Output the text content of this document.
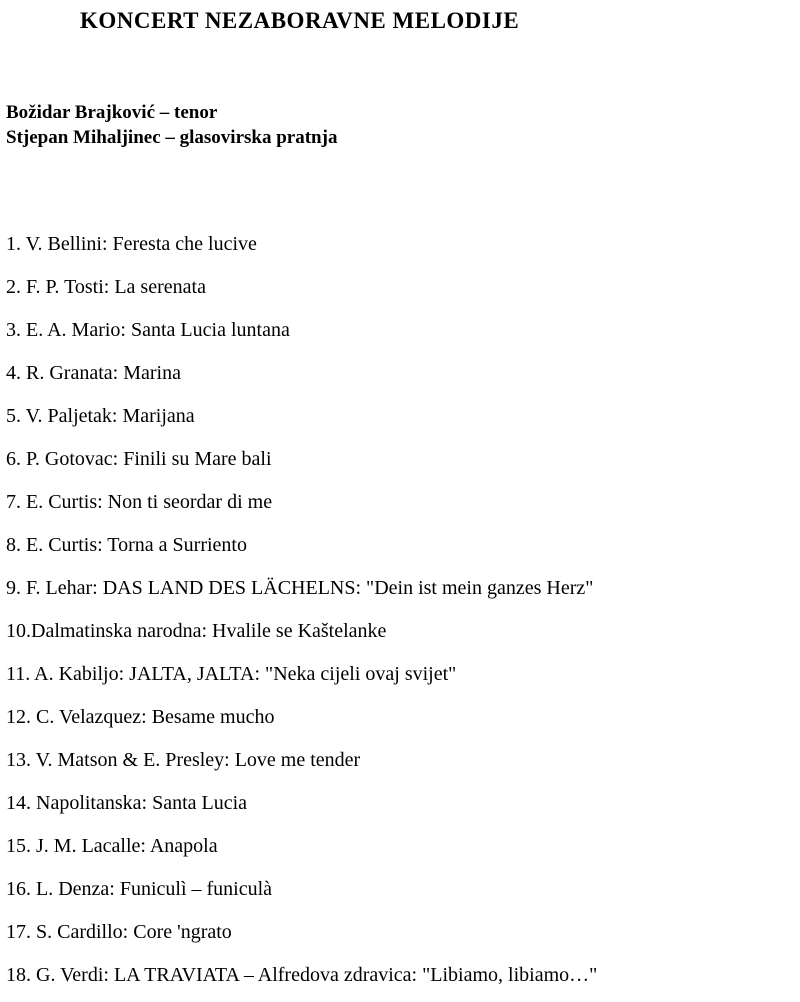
KONCERT NEZABORAVNE MELODIJE
Božidar Brajković – tenor
Stjepan Mihaljinec – glasovirska pratnja
1. V. Bellini: Feresta che lucive
2. F. P. Tosti: La serenata
3. E. A. Mario: Santa Lucia luntana
4. R. Granata: Marina
5. V. Paljetak: Marijana
6. P. Gotovac: Finili su Mare bali
7. E. Curtis: Non ti seordar di me
8. E. Curtis: Torna a Surriento
9. F. Lehar: DAS LAND DES LÄCHELNS: "Dein ist mein ganzes Herz"
10.Dalmatinska narodna: Hvalile se Kaštelanke
11. A. Kabiljo: JALTA, JALTA: "Neka cijeli ovaj svijet"
12. C. Velazquez: Besame mucho
13. V. Matson & E. Presley: Love me tender
14. Napolitanska: Santa Lucia
15. J. M. Lacalle: Anapola
16. L. Denza: Funiculì – funiculà
17. S. Cardillo: Core 'ngrato
18. G. Verdi: LA TRAVIATA – Alfredova zdravica: "Libiamo, libiamo…"
